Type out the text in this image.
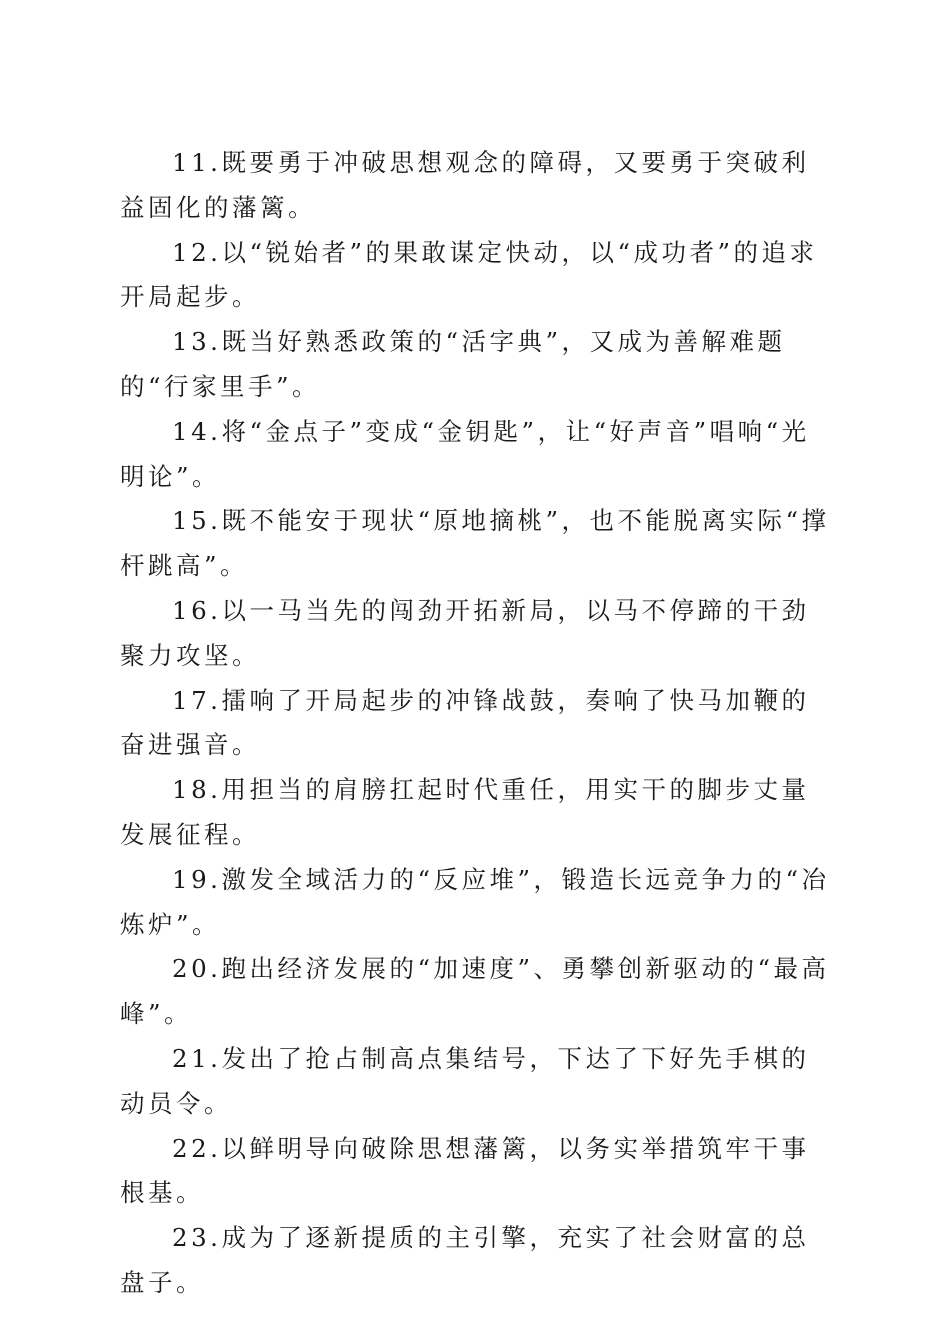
11.既要勇于冲破思想观念的障碍，又要勇于突破利益固化的藩篱。

12.以“锐始者”的果敢谋定快动，以“成功者”的追求开局起步。

13.既当好熟悉政策的“活字典”，又成为善解难题的“行家里手”。

14.将“金点子”变成“金钥匙”，让“好声音”唱响“光明论”。

15.既不能安于现状“原地摘桃”，也不能脱离实际“撑杆跳高”。

16.以一马当先的闯劲开拓新局，以马不停蹄的干劲聚力攻坚。

17.擂响了开局起步的冲锋战鼓，奏响了快马加鞭的奋进强音。

18.用担当的肩膀扛起时代重任，用实干的脚步丈量发展征程。

19.激发全域活力的“反应堆”，锻造长远竞争力的“冶炼炉”。

20.跑出经济发展的“加速度”、勇攀创新驱动的“最高峰”。

21.发出了抢占制高点集结号，下达了下好先手棋的动员令。

22.以鲜明导向破除思想藩篱，以务实举措筑牢干事根基。

23.成为了逐新提质的主引擎，充实了社会财富的总盘子。
